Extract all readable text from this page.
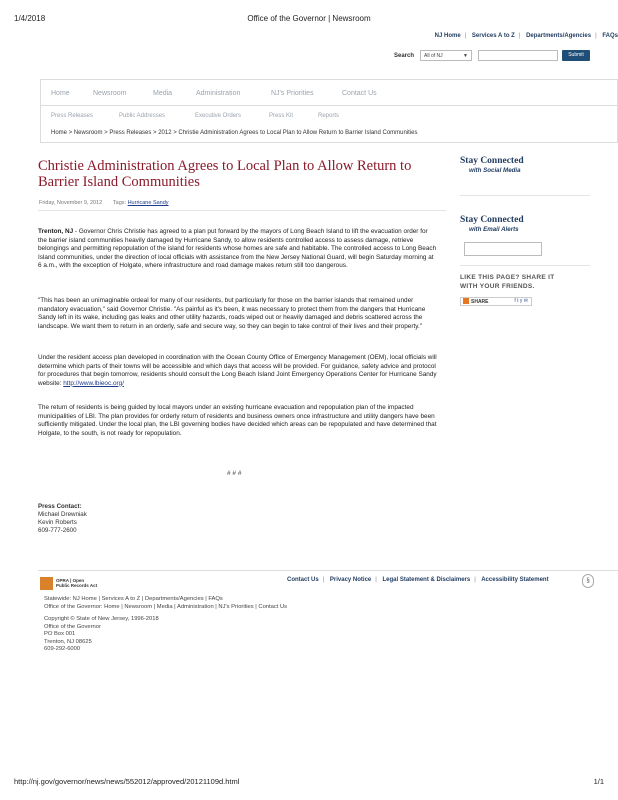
1/4/2018	Office of the Governor | Newsroom
NJ Home | Services A to Z | Departments/Agencies | FAQs
Search	All of NJ	▼	Submit
Home	Newsroom	Media	Administration	NJ's Priorities	Contact Us
Press Releases	Public Addresses	Executive Orders	Press Kit	Reports
Home > Newsroom > Press Releases > 2012 > Christie Administration Agrees to Local Plan to Allow Return to Barrier Island Communities
Christie Administration Agrees to Local Plan to Allow Return to
Barrier Island Communities
Friday, November 9, 2012 Tags: Hurricane Sandy
Trenton, NJ - Governor Chris Christie has agreed to a plan put forward by the mayors of Long Beach Island to lift the evacuation order for the barrier island communities heavily damaged by Hurricane Sandy, to allow residents controlled access to assess damage, retrieve belongings and permitting repopulation of the island for residents whose homes are safe and habitable. The controlled access to Long Beach Island communities, under the direction of local officials with assistance from the New Jersey National Guard, will begin Saturday morning at 6 a.m., with the exception of Holgate, where infrastructure and road damage makes return still too dangerous.
"This has been an unimaginable ordeal for many of our residents, but particularly for those on the barrier islands that remained under mandatory evacuation," said Governor Christie. "As painful as it's been, it was necessary to protect them from the dangers that Hurricane Sandy left in its wake, including gas leaks and other utility hazards, roads wiped out or heavily damaged and debris scattered across the landscape. We want them to return in an orderly, safe and secure way, so they can begin to take control of their lives and their property."
Under the resident access plan developed in coordination with the Ocean County Office of Emergency Management (OEM), local officials will determine which parts of their towns will be accessible and which days that access will be provided. For guidance, safety advice and protocol for procedures that begin tomorrow, residents should consult the Long Beach Island Joint Emergency Operations Center for Hurricane Sandy website: http://www.lbieoc.org/
The return of residents is being guided by local mayors under an existing hurricane evacuation and repopulation plan of the impacted municipalities of LBI. The plan provides for orderly return of residents and business owners once infrastructure and utility dangers have been sufficiently mitigated. Under the local plan, the LBI governing bodies have decided which areas can be repopulated and have determined that Holgate, to the south, is not ready for repopulation.
# # #
Press Contact:
Michael Drewniak
Kevin Roberts
609-777-2600
Stay Connected
with Social Media
Stay Connected
with Email Alerts
LIKE THIS PAGE? SHARE IT
WITH YOUR FRIENDS.
SHARE	f t y ✉
OPRA | Open
Public Records Act
Contact Us | Privacy Notice | Legal Statement & Disclaimers | Accessibility Statement	§
Statewide: NJ Home | Services A to Z | Departments/Agencies | FAQs
Office of the Governor: Home | Newsroom | Media | Administration | NJ's Priorities | Contact Us
Copyright © State of New Jersey, 1996-2018
Office of the Governor
PO Box 001
Trenton, NJ 08625
609-292-6000
http://nj.gov/governor/news/news/552012/approved/20121109d.html	1/1
